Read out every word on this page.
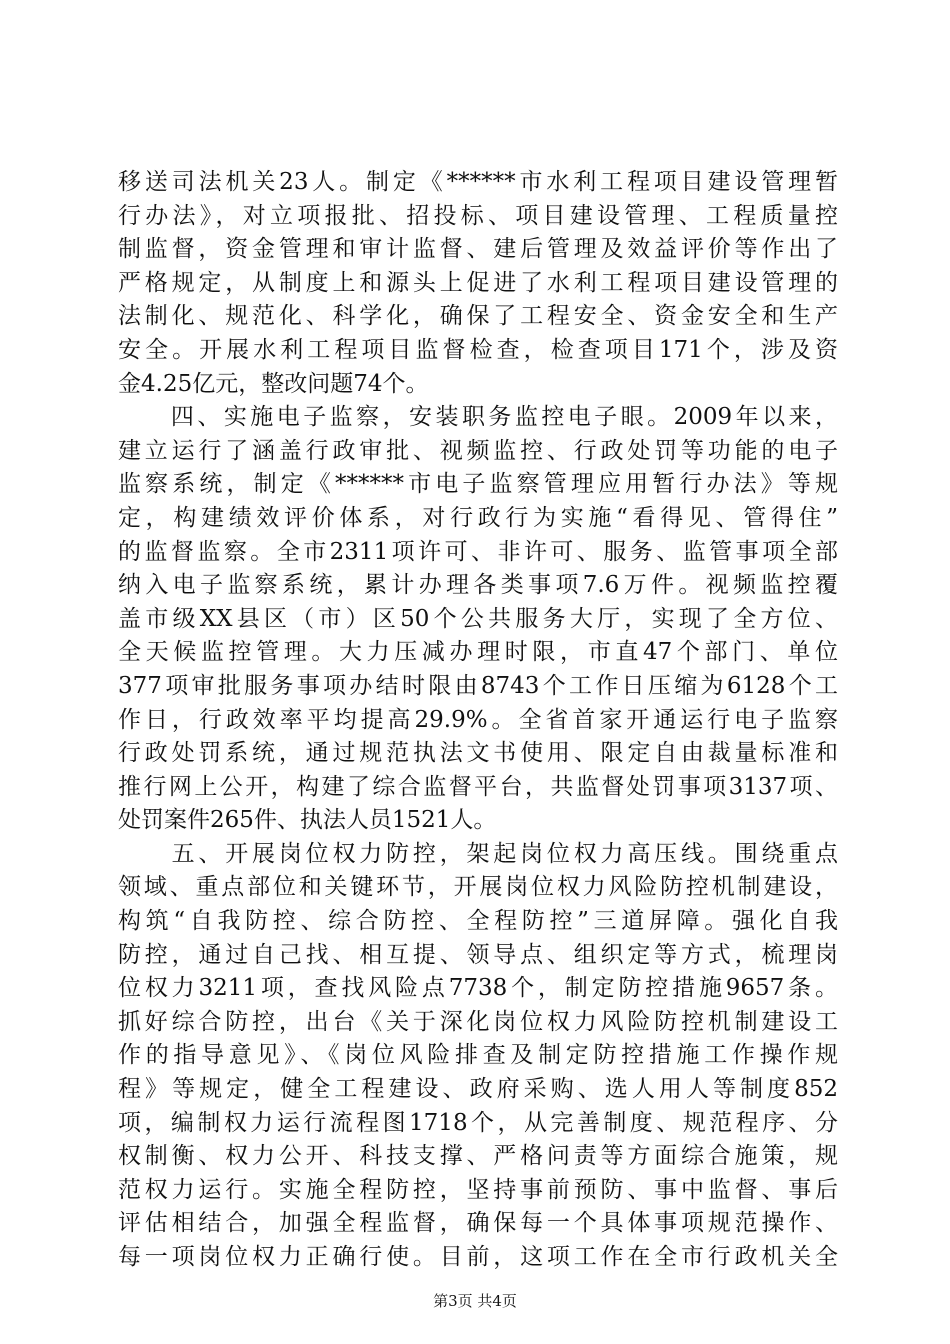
移送司法机关23人。制定《******市水利工程项目建设管理暂
行办法》，对立项报批、招投标、项目建设管理、工程质量控
制监督，资金管理和审计监督、建后管理及效益评价等作出了
严格规定，从制度上和源头上促进了水利工程项目建设管理的
法制化、规范化、科学化，确保了工程安全、资金安全和生产
安全。开展水利工程项目监督检查，检查项目171个，涉及资
金4.25亿元，整改问题74个。
　　四、实施电子监察，安装职务监控电子眼。2009年以来，
建立运行了涵盖行政审批、视频监控、行政处罚等功能的电子
监察系统，制定《******市电子监察管理应用暂行办法》等规
定，构建绩效评价体系，对行政行为实施“看得见、管得住”
的监督监察。全市2311项许可、非许可、服务、监管事项全部
纳入电子监察系统，累计办理各类事项7.6万件。视频监控覆
盖市级XX县区（市）区50个公共服务大厅，实现了全方位、
全天候监控管理。大力压减办理时限，市直47个部门、单位
377项审批服务事项办结时限由8743个工作日压缩为6128个工
作日，行政效率平均提高29.9%。全省首家开通运行电子监察
行政处罚系统，通过规范执法文书使用、限定自由裁量标准和
推行网上公开，构建了综合监督平台，共监督处罚事项3137项、
处罚案件265件、执法人员1521人。
　　五、开展岗位权力防控，架起岗位权力高压线。围绕重点
领域、重点部位和关键环节，开展岗位权力风险防控机制建设，
构筑“自我防控、综合防控、全程防控”三道屏障。强化自我
防控，通过自己找、相互提、领导点、组织定等方式，梳理岗
位权力3211项，查找风险点7738个，制定防控措施9657条。
抓好综合防控，出台《关于深化岗位权力风险防控机制建设工
作的指导意见》、《岗位风险排查及制定防控措施工作操作规
程》等规定，健全工程建设、政府采购、选人用人等制度852
项，编制权力运行流程图1718个，从完善制度、规范程序、分
权制衡、权力公开、科技支撑、严格问责等方面综合施策，规
范权力运行。实施全程防控，坚持事前预防、事中监督、事后
评估相结合，加强全程监督，确保每一个具体事项规范操作、
每一项岗位权力正确行使。目前，这项工作在全市行政机关全
第3页 共4页
